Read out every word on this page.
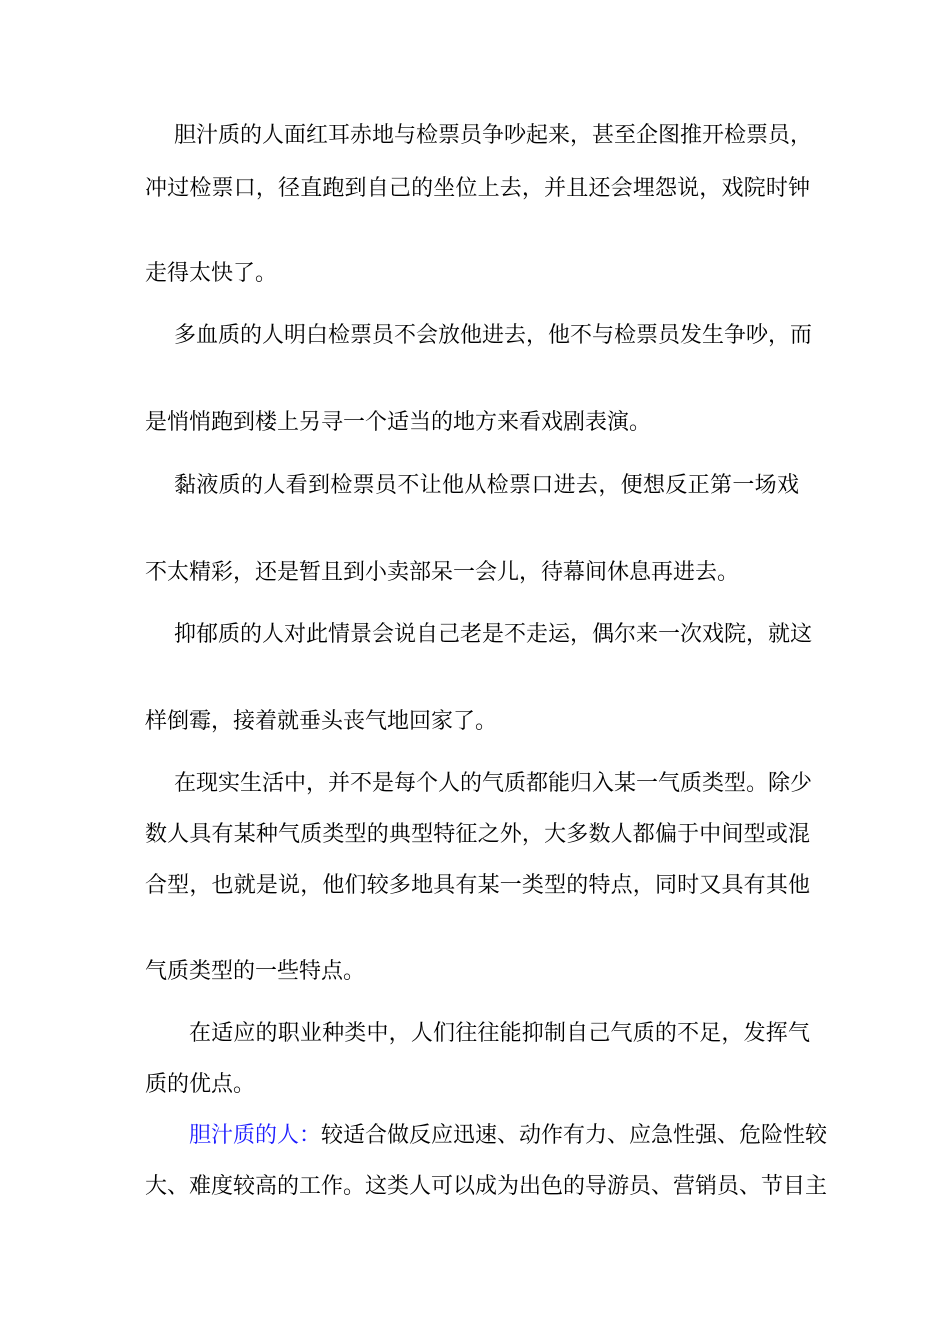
胆汁质的人面红耳赤地与检票员争吵起来，甚至企图推开检票员，
冲过检票口，径直跑到自己的坐位上去，并且还会埋怨说，戏院时钟
走得太快了。
多血质的人明白检票员不会放他进去，他不与检票员发生争吵，而
是悄悄跑到楼上另寻一个适当的地方来看戏剧表演。
黏液质的人看到检票员不让他从检票口进去，便想反正第一场戏
不太精彩，还是暂且到小卖部呆一会儿，待幕间休息再进去。
抑郁质的人对此情景会说自己老是不走运，偶尔来一次戏院，就这
样倒霉，接着就垂头丧气地回家了。
在现实生活中，并不是每个人的气质都能归入某一气质类型。除少
数人具有某种气质类型的典型特征之外，大多数人都偏于中间型或混
合型，也就是说，他们较多地具有某一类型的特点，同时又具有其他
气质类型的一些特点。
在适应的职业种类中，人们往往能抑制自己气质的不足，发挥气
质的优点。
胆汁质的人：较适合做反应迅速、动作有力、应急性强、危险性较
大、难度较高的工作。这类人可以成为出色的导游员、营销员、节目主
